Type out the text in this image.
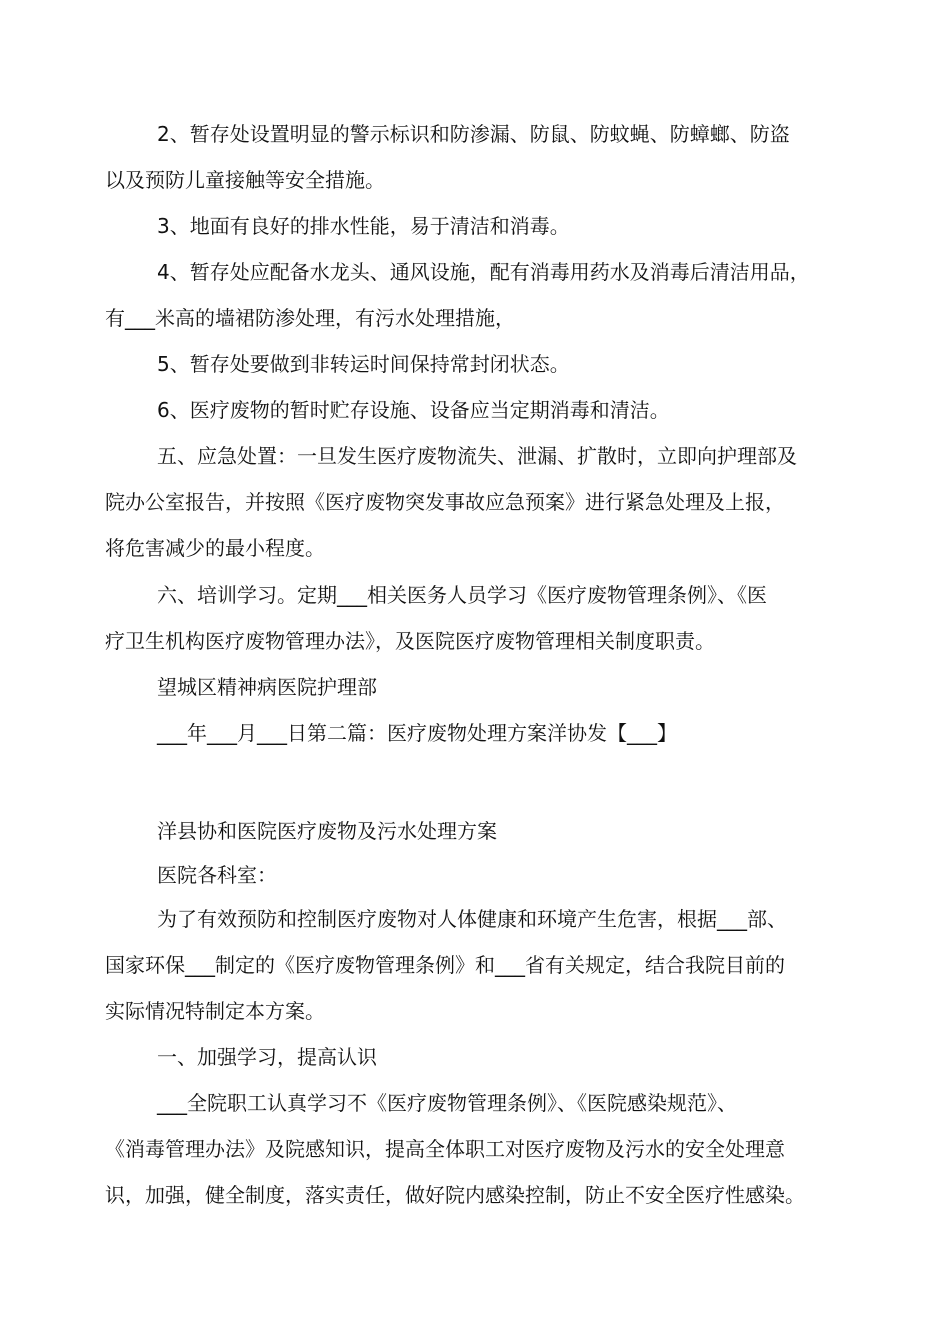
2、暂存处设置明显的警示标识和防渗漏、防鼠、防蚊蝇、防蟑螂、防盗
以及预防儿童接触等安全措施。
3、地面有良好的排水性能，易于清洁和消毒。
4、暂存处应配备水龙头、通风设施，配有消毒用药水及消毒后清洁用品，
有___米高的墙裙防渗处理，有污水处理措施，
5、暂存处要做到非转运时间保持常封闭状态。
6、医疗废物的暂时贮存设施、设备应当定期消毒和清洁。
五、应急处置：一旦发生医疗废物流失、泄漏、扩散时，立即向护理部及
院办公室报告，并按照《医疗废物突发事故应急预案》进行紧急处理及上报，
将危害减少的最小程度。
六、培训学习。定期___相关医务人员学习《医疗废物管理条例》、《医
疗卫生机构医疗废物管理办法》，及医院医疗废物管理相关制度职责。
望城区精神病医院护理部
___年___月___日第二篇：医疗废物处理方案洋协发【___】
洋县协和医院医疗废物及污水处理方案
医院各科室：
为了有效预防和控制医疗废物对人体健康和环境产生危害，根据___部、
国家环保___制定的《医疗废物管理条例》和___省有关规定，结合我院目前的
实际情况特制定本方案。
一、加强学习，提高认识
___全院职工认真学习不《医疗废物管理条例》、《医院感染规范》、
《消毒管理办法》及院感知识，提高全体职工对医疗废物及污水的安全处理意
识，加强，健全制度，落实责任，做好院内感染控制，防止不安全医疗性感染。
